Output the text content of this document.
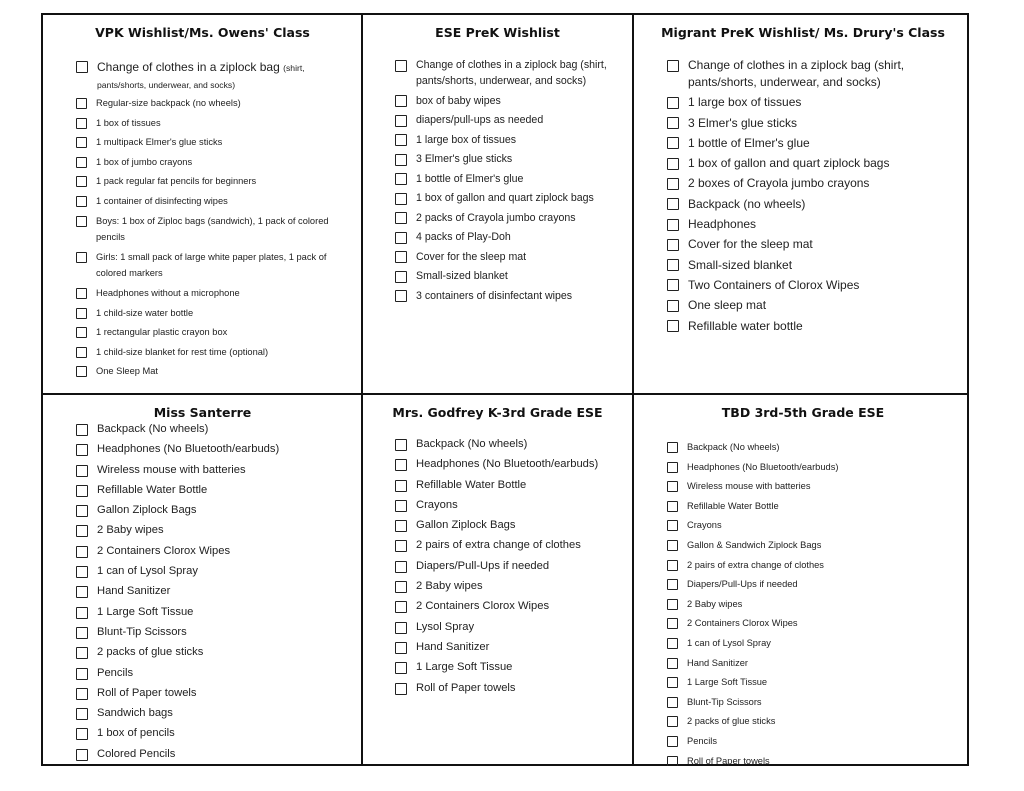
VPK Wishlist/Ms. Owens' Class
Change of clothes in a ziplock bag (shirt, pants/shorts, underwear, and socks)
Regular-size backpack (no wheels)
1 box of tissues
1 multipack Elmer's glue sticks
1 box of jumbo crayons
1 pack regular fat pencils for beginners
1 container of disinfecting wipes
Boys: 1 box of Ziploc bags (sandwich), 1 pack of colored pencils
Girls: 1 small pack of large white paper plates, 1 pack of colored markers
Headphones without a microphone
1 child-size water bottle
1 rectangular plastic crayon box
1 child-size blanket for rest time (optional)
One Sleep Mat
ESE PreK Wishlist
Change of clothes in a ziplock bag (shirt, pants/shorts, underwear, and socks)
box of baby wipes
diapers/pull-ups as needed
1 large box of tissues
3 Elmer's glue sticks
1 bottle of Elmer's glue
1 box of gallon and quart ziplock bags
2 packs of Crayola jumbo crayons
4 packs of Play-Doh
Cover for the sleep mat
Small-sized blanket
3 containers of disinfectant wipes
Migrant PreK Wishlist/ Ms. Drury's Class
Change of clothes in a ziplock bag (shirt, pants/shorts, underwear, and socks)
1 large box of tissues
3 Elmer's glue sticks
1 bottle of Elmer's glue
1 box of gallon and quart ziplock bags
2 boxes of Crayola jumbo crayons
Backpack (no wheels)
Headphones
Cover for the sleep mat
Small-sized blanket
Two Containers of Clorox Wipes
One sleep mat
Refillable water bottle
Miss Santerre
Backpack (No wheels)
Headphones (No Bluetooth/earbuds)
Wireless mouse with batteries
Refillable Water Bottle
Gallon Ziplock Bags
2 Baby wipes
2 Containers Clorox Wipes
1 can of Lysol Spray
Hand Sanitizer
1 Large Soft Tissue
Blunt-Tip Scissors
2 packs of glue sticks
Pencils
Roll of Paper towels
Sandwich bags
1 box of pencils
Colored Pencils
Mrs. Godfrey K-3rd Grade ESE
Backpack (No wheels)
Headphones (No Bluetooth/earbuds)
Refillable Water Bottle
Crayons
Gallon Ziplock Bags
2 pairs of extra change of clothes
Diapers/Pull-Ups if needed
2 Baby wipes
2 Containers Clorox Wipes
Lysol Spray
Hand Sanitizer
1 Large Soft Tissue
Roll of Paper towels
TBD 3rd-5th Grade ESE
Backpack (No wheels)
Headphones (No Bluetooth/earbuds)
Wireless mouse with batteries
Refillable Water Bottle
Crayons
Gallon & Sandwich Ziplock Bags
2 pairs of extra change of clothes
Diapers/Pull-Ups if needed
2 Baby wipes
2 Containers Clorox Wipes
1 can of Lysol Spray
Hand Sanitizer
1 Large Soft Tissue
Blunt-Tip Scissors
2 packs of glue sticks
Pencils
Roll of Paper towels
